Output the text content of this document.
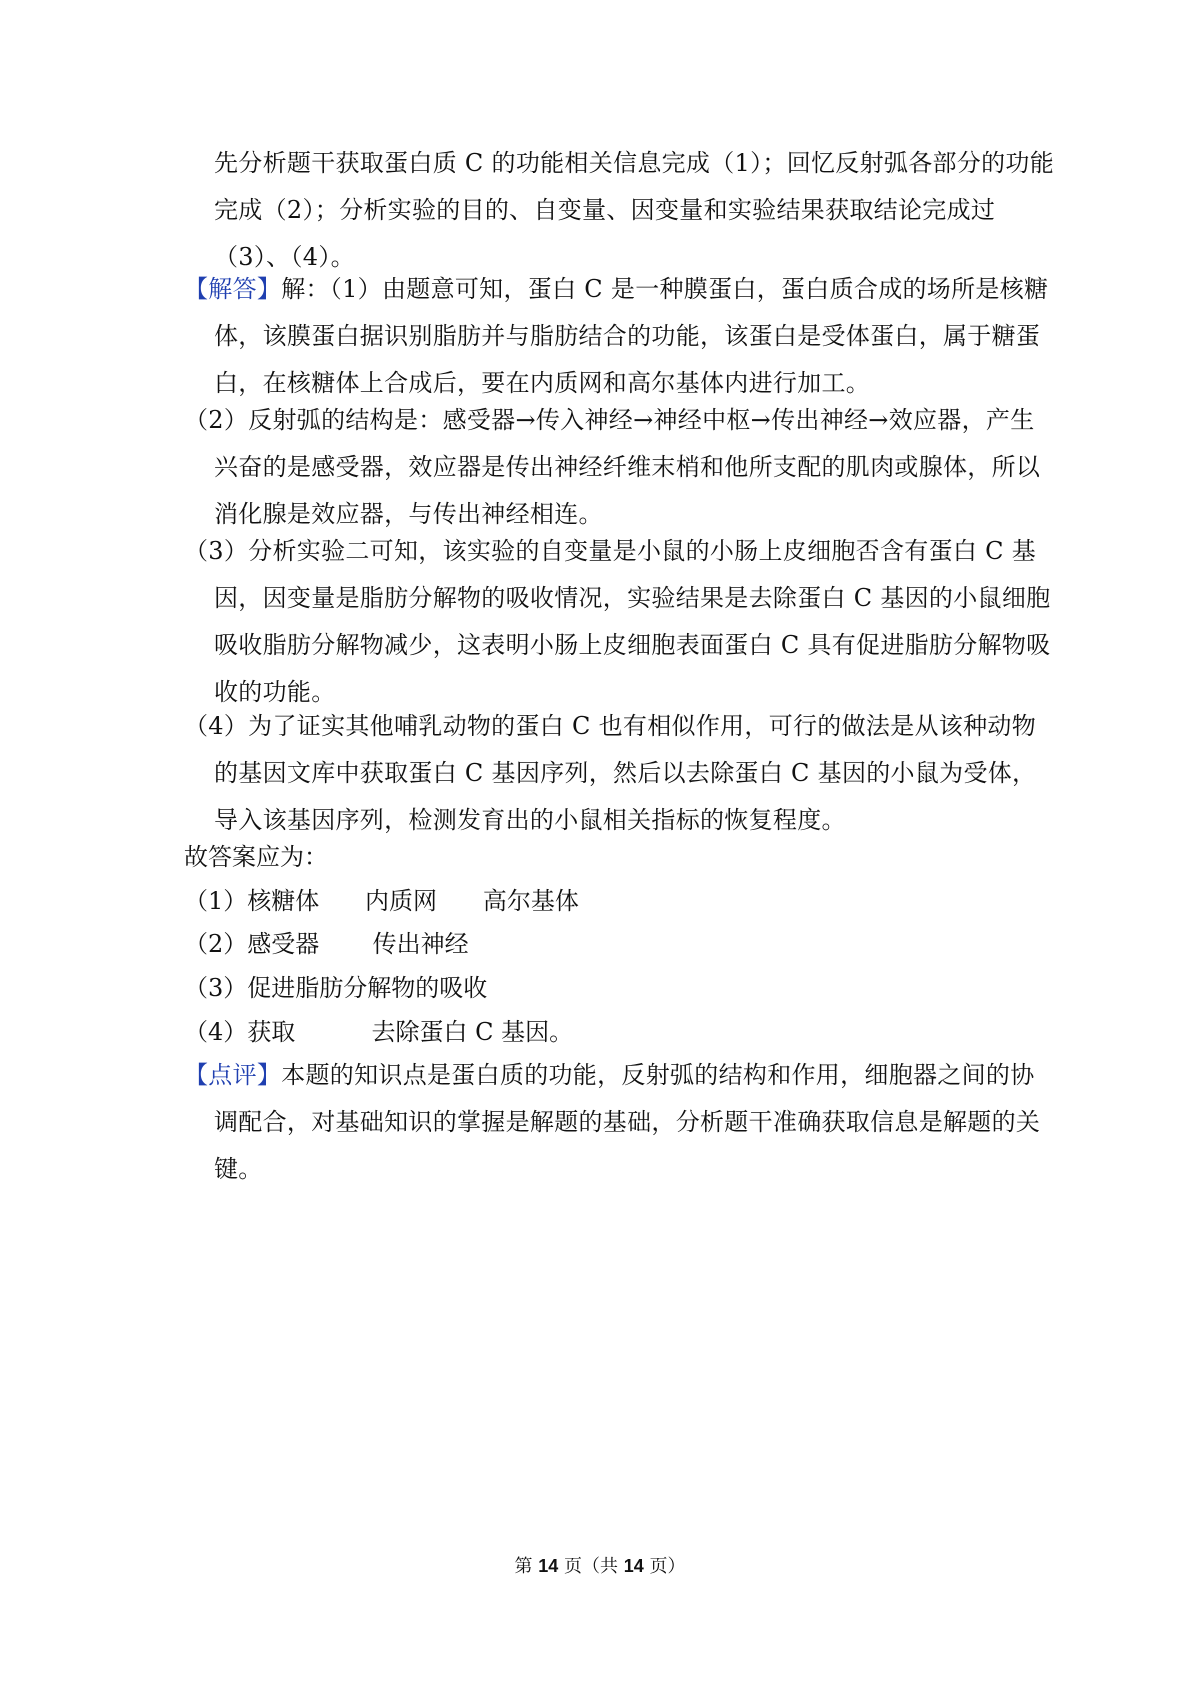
先分析题干获取蛋白质 C 的功能相关信息完成（1）；回忆反射弧各部分的功能完成（2）；分析实验的目的、自变量、因变量和实验结果获取结论完成过（3）、（4）。
【解答】解：（1）由题意可知，蛋白 C 是一种膜蛋白，蛋白质合成的场所是核糖体，该膜蛋白据识别脂肪并与脂肪结合的功能，该蛋白是受体蛋白，属于糖蛋白，在核糖体上合成后，要在内质网和高尔基体内进行加工。
（2）反射弧的结构是：感受器→传入神经→神经中枢→传出神经→效应器，产生兴奋的是感受器，效应器是传出神经纤维末梢和他所支配的肌肉或腺体，所以消化腺是效应器，与传出神经相连。
（3）分析实验二可知，该实验的自变量是小鼠的小肠上皮细胞否含有蛋白 C 基因，因变量是脂肪分解物的吸收情况，实验结果是去除蛋白 C 基因的小鼠细胞吸收脂肪分解物减少，这表明小肠上皮细胞表面蛋白 C 具有促进脂肪分解物吸收的功能。
（4）为了证实其他哺乳动物的蛋白 C 也有相似作用，可行的做法是从该种动物的基因文库中获取蛋白 C 基因序列，然后以去除蛋白 C 基因的小鼠为受体，导入该基因序列，检测发育出的小鼠相关指标的恢复程度。
故答案应为：
（1）核糖体      内质网      高尔基体
（2）感受器       传出神经
（3）促进脂肪分解物的吸收
（4）获取          去除蛋白 C 基因。
【点评】本题的知识点是蛋白质的功能，反射弧的结构和作用，细胞器之间的协调配合，对基础知识的掌握是解题的基础，分析题干准确获取信息是解题的关键。
第 14 页（共 14 页）
